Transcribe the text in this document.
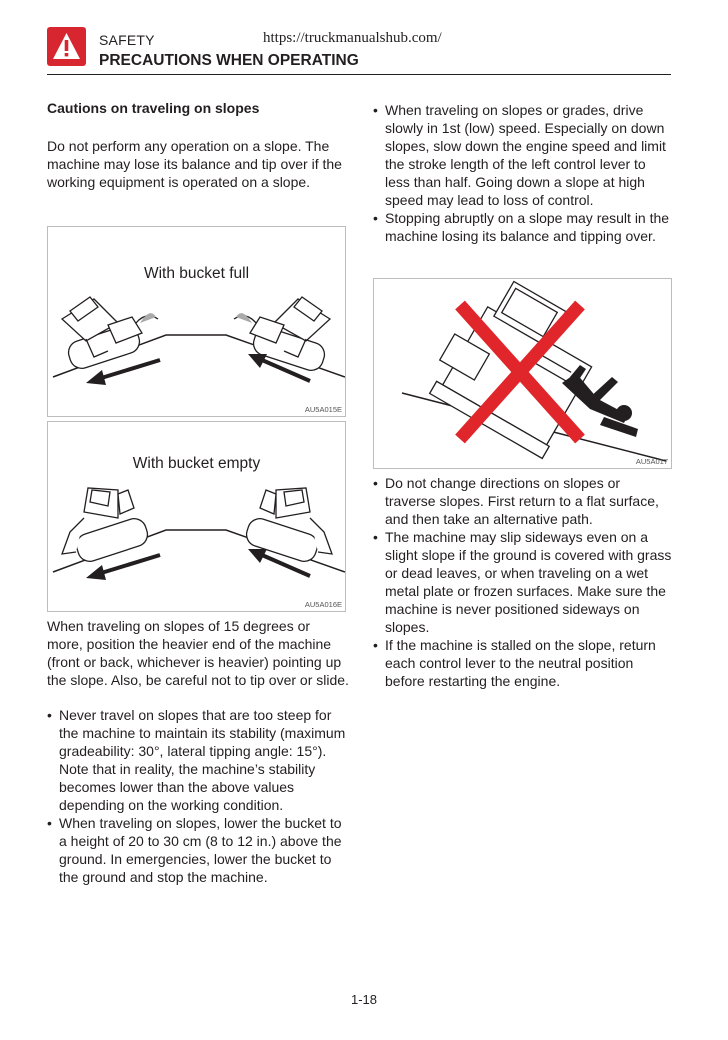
SAFETY	https://truckmanualshub.com/
PRECAUTIONS WHEN OPERATING
Cautions on traveling on slopes

Do not perform any operation on a slope. The machine may lose its balance and tip over if the working equipment is operated on a slope.

With bucket full
AU5A015E
With bucket empty
AU5A016E

When traveling on slopes of 15 degrees or more, position the heavier end of the machine (front or back, whichever is heavier) pointing up the slope. Also, be careful not to tip over or slide.

• Never travel on slopes that are too steep for the machine to maintain its stability (maximum gradeability: 30°, lateral tipping angle: 15°). Note that in reality, the machine’s stability becomes lower than the above values depending on the working condition.
• When traveling on slopes, lower the bucket to a height of 20 to 30 cm (8 to 12 in.) above the ground. In emergencies, lower the bucket to the ground and stop the machine.
• When traveling on slopes or grades, drive slowly in 1st (low) speed. Especially on down slopes, slow down the engine speed and limit the stroke length of the left control lever to less than half. Going down a slope at high speed may lead to loss of control.
• Stopping abruptly on a slope may result in the machine losing its balance and tipping over.
AU5A017
• Do not change directions on slopes or traverse slopes. First return to a flat surface, and then take an alternative path.
• The machine may slip sideways even on a slight slope if the ground is covered with grass or dead leaves, or when traveling on a wet metal plate or frozen surfaces. Make sure the machine is never positioned sideways on slopes.
• If the machine is stalled on the slope, return each control lever to the neutral position before restarting the engine.
1-18
